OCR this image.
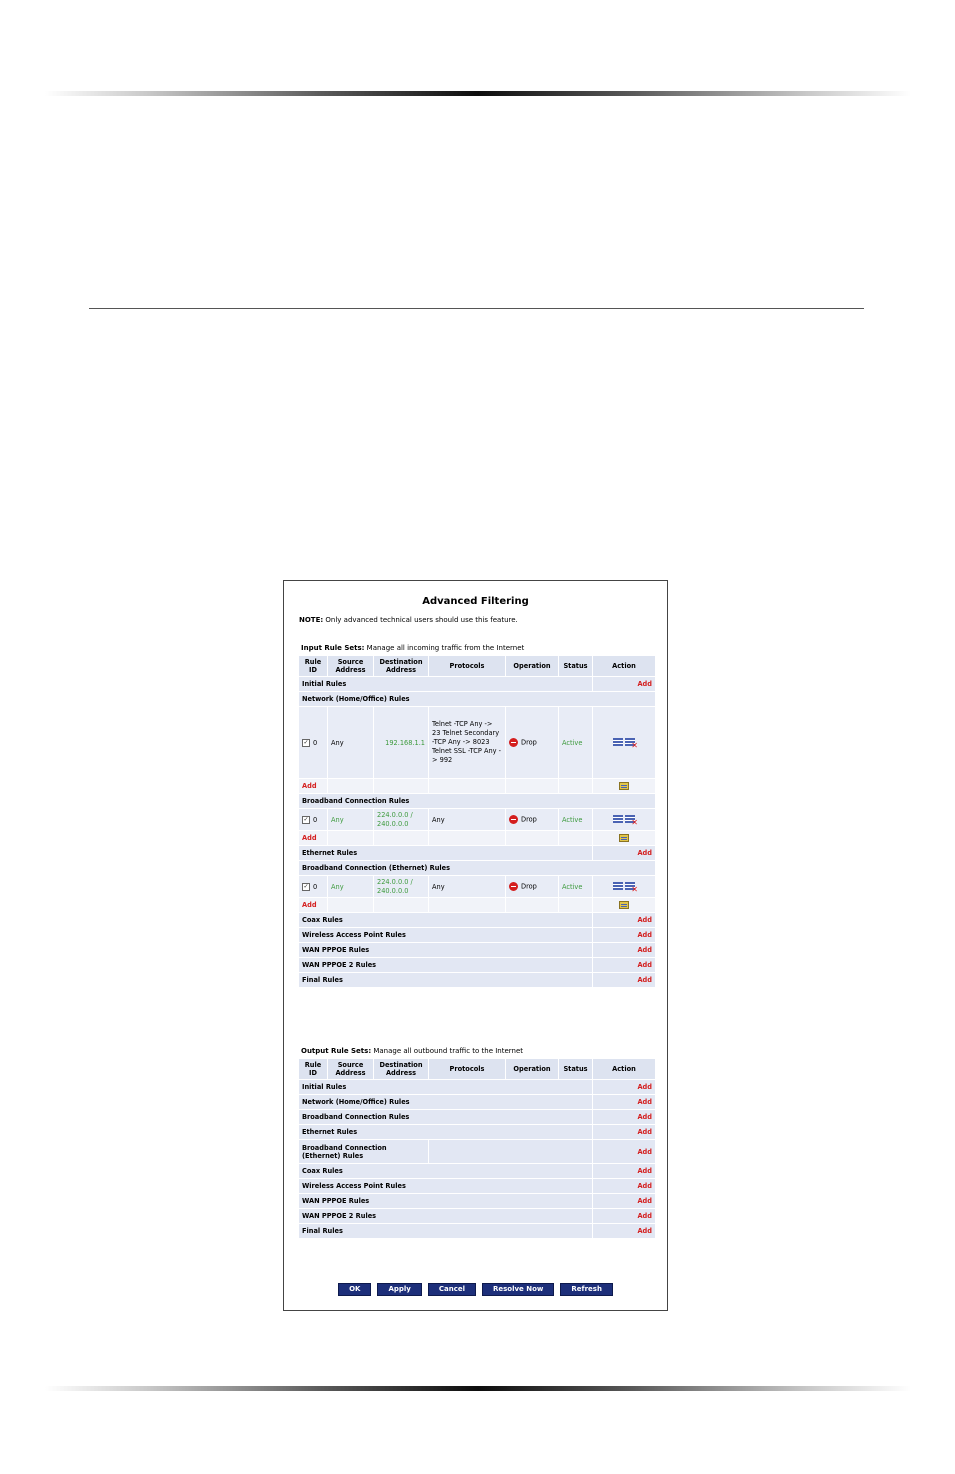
Advanced Filtering
NOTE: Only advanced technical users should use this feature.
Input Rule Sets: Manage all incoming traffic from the Internet
Rule ID	Source Address	Destination Address	Protocols	Operation	Status	Action
Initial Rules						Add
Network (Home/Office) Rules						
✓ 0	Any	192.168.1.1	Telnet -TCP Any -> 23 Telnet Secondary -TCP Any -> 8023 Telnet SSL -TCP Any -> 992	Drop	Active	✕
Add						
Broadband Connection Rules						
✓ 0	Any	224.0.0.0 / 240.0.0.0	Any	Drop	Active	✕
Add						
Ethernet Rules						Add
Broadband Connection (Ethernet) Rules						
✓ 0	Any	224.0.0.0 / 240.0.0.0	Any	Drop	Active	✕
Add						
Coax Rules						Add
Wireless Access Point Rules						Add
WAN PPPOE Rules						Add
WAN PPPOE 2 Rules						Add
Final Rules						Add
Output Rule Sets: Manage all outbound traffic to the Internet
Rule ID	Source Address	Destination Address	Protocols	Operation	Status	Action
Initial Rules						Add
Network (Home/Office) Rules						Add
Broadband Connection Rules						Add
Ethernet Rules						Add
Broadband Connection (Ethernet) Rules						Add
Coax Rules						Add
Wireless Access Point Rules						Add
WAN PPPOE Rules						Add
WAN PPPOE 2 Rules						Add
Final Rules						Add
OK	Apply	Cancel	Resolve Now	Refresh
